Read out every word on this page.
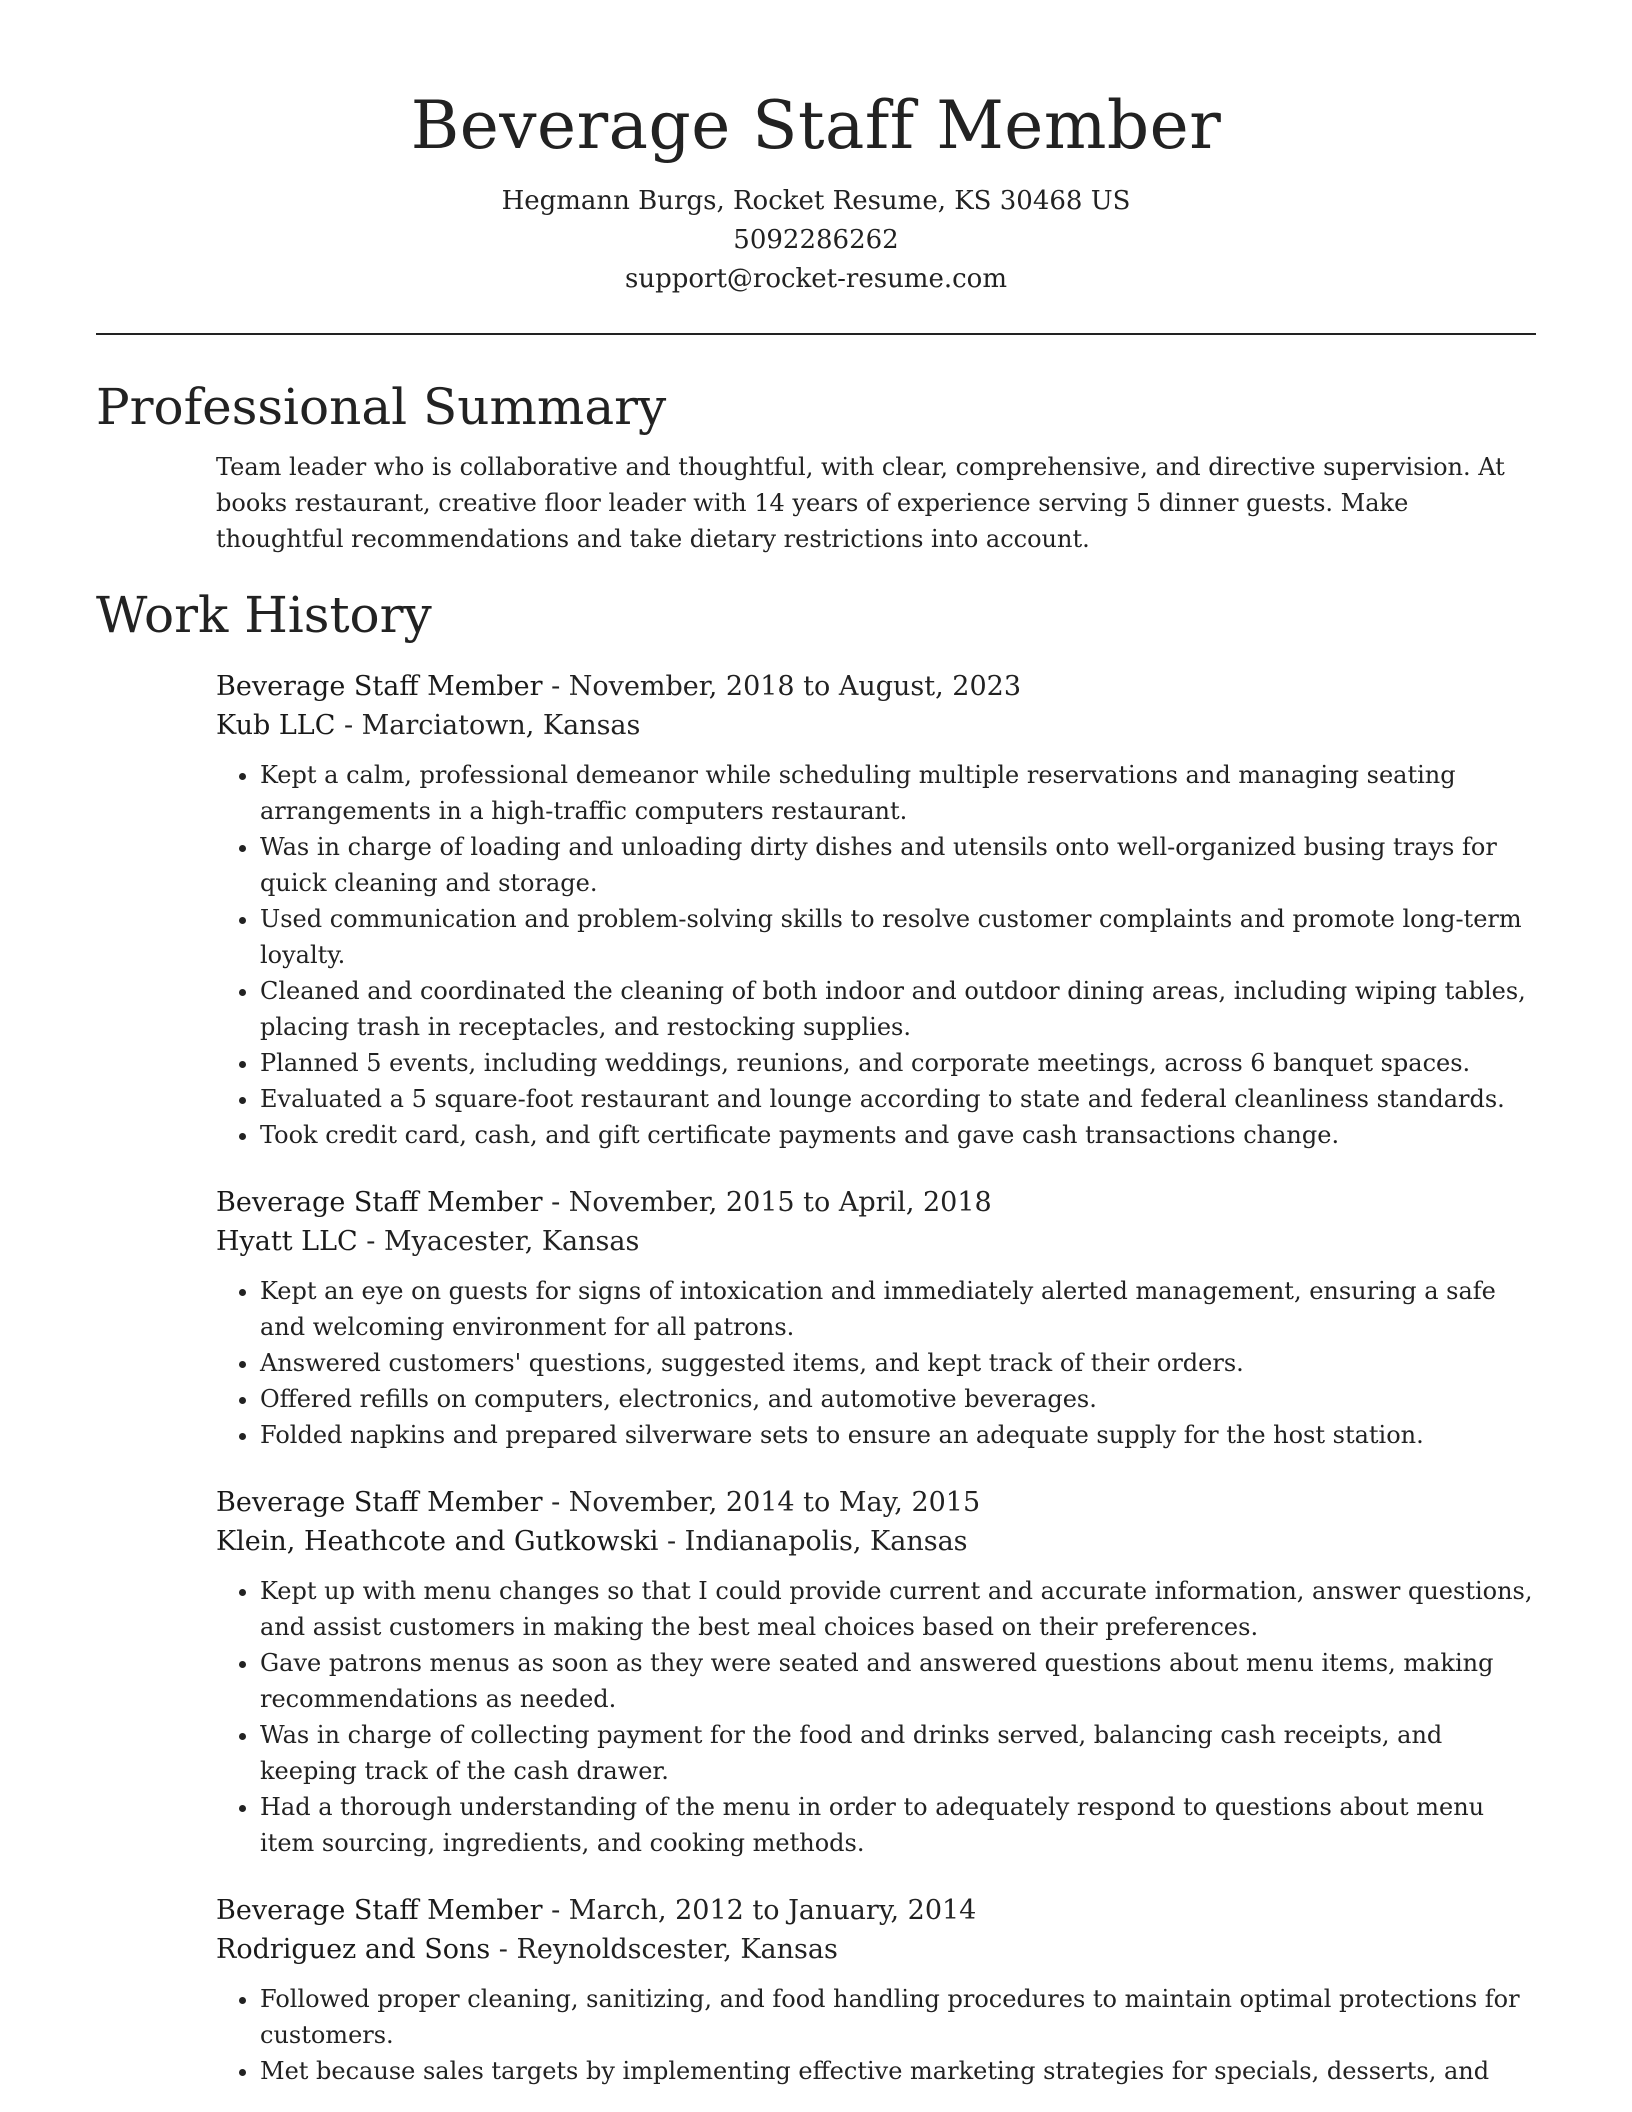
Beverage Staff Member
Hegmann Burgs, Rocket Resume, KS 30468 US
5092286262
support@rocket-resume.com
Professional Summary

Team leader who is collaborative and thoughtful, with clear, comprehensive, and directive supervision. At books restaurant, creative floor leader with 14 years of experience serving 5 dinner guests. Make thoughtful recommendations and take dietary restrictions into account.

Work History
Beverage Staff Member - November, 2018 to August, 2023
Kub LLC - Marciatown, Kansas
• Kept a calm, professional demeanor while scheduling multiple reservations and managing seating arrangements in a high-traffic computers restaurant.
• Was in charge of loading and unloading dirty dishes and utensils onto well-organized busing trays for quick cleaning and storage.
• Used communication and problem-solving skills to resolve customer complaints and promote long-term loyalty.
• Cleaned and coordinated the cleaning of both indoor and outdoor dining areas, including wiping tables, placing trash in receptacles, and restocking supplies.
• Planned 5 events, including weddings, reunions, and corporate meetings, across 6 banquet spaces.
• Evaluated a 5 square-foot restaurant and lounge according to state and federal cleanliness standards.
• Took credit card, cash, and gift certificate payments and gave cash transactions change.
Beverage Staff Member - November, 2015 to April, 2018
Hyatt LLC - Myacester, Kansas
• Kept an eye on guests for signs of intoxication and immediately alerted management, ensuring a safe and welcoming environment for all patrons.
• Answered customers' questions, suggested items, and kept track of their orders.
• Offered refills on computers, electronics, and automotive beverages.
• Folded napkins and prepared silverware sets to ensure an adequate supply for the host station.
Beverage Staff Member - November, 2014 to May, 2015
Klein, Heathcote and Gutkowski - Indianapolis, Kansas
• Kept up with menu changes so that I could provide current and accurate information, answer questions, and assist customers in making the best meal choices based on their preferences.
• Gave patrons menus as soon as they were seated and answered questions about menu items, making recommendations as needed.
• Was in charge of collecting payment for the food and drinks served, balancing cash receipts, and keeping track of the cash drawer.
• Had a thorough understanding of the menu in order to adequately respond to questions about menu item sourcing, ingredients, and cooking methods.
Beverage Staff Member - March, 2012 to January, 2014
Rodriguez and Sons - Reynoldscester, Kansas
• Followed proper cleaning, sanitizing, and food handling procedures to maintain optimal protections for customers.
• Met because sales targets by implementing effective marketing strategies for specials, desserts, and
